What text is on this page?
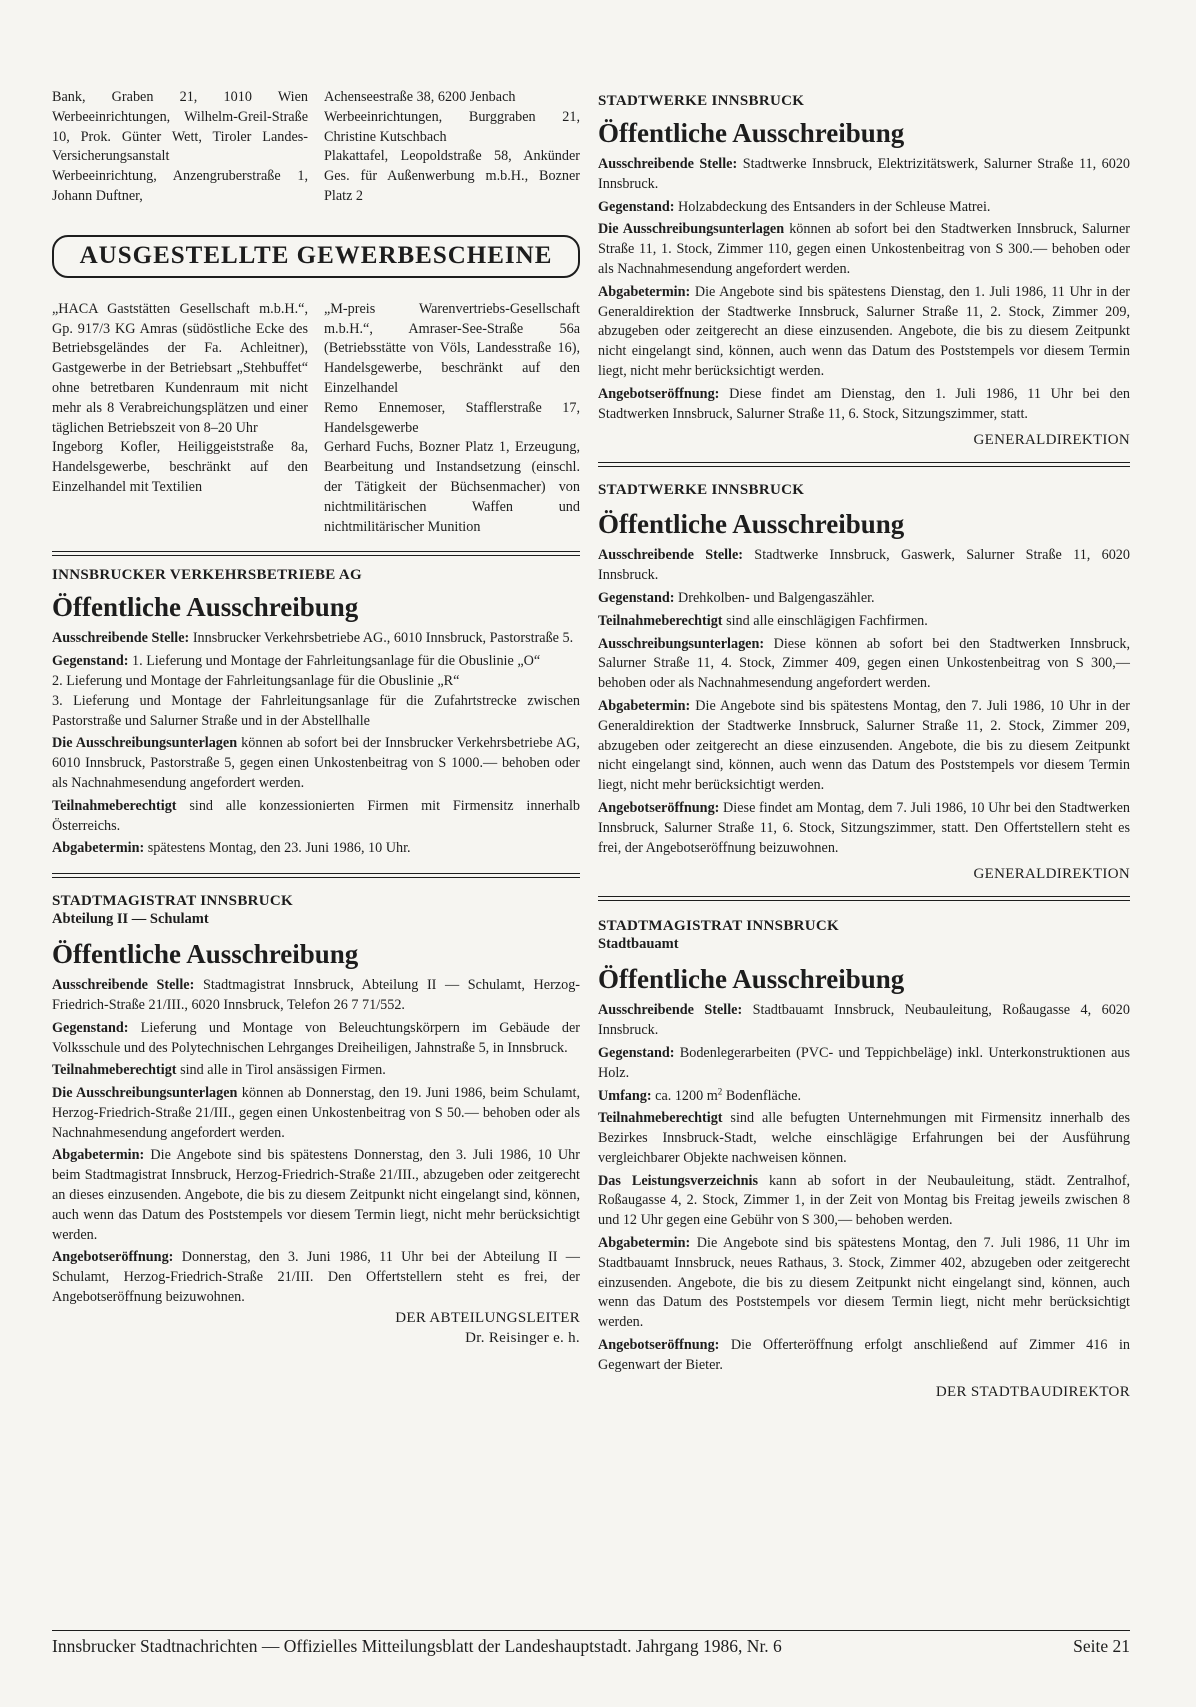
Bank, Graben 21, 1010 Wien Werbeeinrichtungen, Wilhelm-Greil-Straße 10, Prok. Günter Wett, Tiroler Landes-Versicherungsanstalt

Werbeeinrichtung, Anzengruberstraße 1, Johann Duftner,

Achenseestraße 38, 6200 Jenbach

Werbeeinrichtungen, Burggraben 21, Christine Kutschbach

Plakattafel, Leopoldstraße 58, Ankünder Ges. für Außenwerbung m.b.H., Bozner Platz 2

AUSGESTELLTE GEWERBESCHEINE

„HACA Gaststätten Gesellschaft m.b.H.“, Gp. 917/3 KG Amras (südöstliche Ecke des Betriebsgeländes der Fa. Achleitner), Gastgewerbe in der Betriebsart „Stehbuffet“ ohne betretbaren Kundenraum mit nicht mehr als 8 Verabreichungsplätzen und einer täglichen Betriebszeit von 8–20 Uhr

Ingeborg Kofler, Heiliggeiststraße 8a, Handelsgewerbe, beschränkt auf den Einzelhandel mit Textilien

„M-preis Warenvertriebs-Gesellschaft m.b.H.“, Amraser-See-Straße 56a (Betriebsstätte von Völs, Landesstraße 16), Handelsgewerbe, beschränkt auf den Einzelhandel

Remo Ennemoser, Stafflerstraße 17, Handelsgewerbe

Gerhard Fuchs, Bozner Platz 1, Erzeugung, Bearbeitung und Instandsetzung (einschl. der Tätigkeit der Büchsenmacher) von nichtmilitärischen Waffen und nichtmilitärischer Munition

INNSBRUCKER VERKEHRSBETRIEBE AG
Öffentliche Ausschreibung

Ausschreibende Stelle: Innsbrucker Verkehrsbetriebe AG., 6010 Innsbruck, Pastorstraße 5.

Gegenstand: 1. Lieferung und Montage der Fahrleitungsanlage für die Obuslinie „O“

2. Lieferung und Montage der Fahrleitungsanlage für die Obuslinie „R“

3. Lieferung und Montage der Fahrleitungsanlage für die Zufahrtstrecke zwischen Pastorstraße und Salurner Straße und in der Abstellhalle

Die Ausschreibungsunterlagen können ab sofort bei der Innsbrucker Verkehrsbetriebe AG, 6010 Innsbruck, Pastorstraße 5, gegen einen Unkostenbeitrag von S 1000.— behoben oder als Nachnahmesendung angefordert werden.

Teilnahmeberechtigt sind alle konzessionierten Firmen mit Firmensitz innerhalb Österreichs.

Abgabetermin: spätestens Montag, den 23. Juni 1986, 10 Uhr.

STADTMAGISTRAT INNSBRUCK
Abteilung II — Schulamt
Öffentliche Ausschreibung

Ausschreibende Stelle: Stadtmagistrat Innsbruck, Abteilung II — Schulamt, Herzog-Friedrich-Straße 21/III., 6020 Innsbruck, Telefon 26 7 71/552.

Gegenstand: Lieferung und Montage von Beleuchtungskörpern im Gebäude der Volksschule und des Polytechnischen Lehrganges Dreiheiligen, Jahnstraße 5, in Innsbruck.

Teilnahmeberechtigt sind alle in Tirol ansässigen Firmen.

Die Ausschreibungsunterlagen können ab Donnerstag, den 19. Juni 1986, beim Schulamt, Herzog-Friedrich-Straße 21/III., gegen einen Unkostenbeitrag von S 50.— behoben oder als Nachnahmesendung angefordert werden.

Abgabetermin: Die Angebote sind bis spätestens Donnerstag, den 3. Juli 1986, 10 Uhr beim Stadtmagistrat Innsbruck, Herzog-Friedrich-Straße 21/III., abzugeben oder zeitgerecht an dieses einzusenden. Angebote, die bis zu diesem Zeitpunkt nicht eingelangt sind, können, auch wenn das Datum des Poststempels vor diesem Termin liegt, nicht mehr berücksichtigt werden.

Angebotseröffnung: Donnerstag, den 3. Juni 1986, 11 Uhr bei der Abteilung II — Schulamt, Herzog-Friedrich-Straße 21/III. Den Offertstellern steht es frei, der Angebotseröffnung beizuwohnen.

DER ABTEILUNGSLEITER
Dr. Reisinger e. h.
STADTWERKE INNSBRUCK
Öffentliche Ausschreibung

Ausschreibende Stelle: Stadtwerke Innsbruck, Elektrizitätswerk, Salurner Straße 11, 6020 Innsbruck.

Gegenstand: Holzabdeckung des Entsanders in der Schleuse Matrei.

Die Ausschreibungsunterlagen können ab sofort bei den Stadtwerken Innsbruck, Salurner Straße 11, 1. Stock, Zimmer 110, gegen einen Unkostenbeitrag von S 300.— behoben oder als Nachnahmesendung angefordert werden.

Abgabetermin: Die Angebote sind bis spätestens Dienstag, den 1. Juli 1986, 11 Uhr in der Generaldirektion der Stadtwerke Innsbruck, Salurner Straße 11, 2. Stock, Zimmer 209, abzugeben oder zeitgerecht an diese einzusenden. Angebote, die bis zu diesem Zeitpunkt nicht eingelangt sind, können, auch wenn das Datum des Poststempels vor diesem Termin liegt, nicht mehr berücksichtigt werden.

Angebotseröffnung: Diese findet am Dienstag, den 1. Juli 1986, 11 Uhr bei den Stadtwerken Innsbruck, Salurner Straße 11, 6. Stock, Sitzungszimmer, statt.

GENERALDIREKTION
STADTWERKE INNSBRUCK
Öffentliche Ausschreibung

Ausschreibende Stelle: Stadtwerke Innsbruck, Gaswerk, Salurner Straße 11, 6020 Innsbruck.

Gegenstand: Drehkolben- und Balgengaszähler.

Teilnahmeberechtigt sind alle einschlägigen Fachfirmen.

Ausschreibungsunterlagen: Diese können ab sofort bei den Stadtwerken Innsbruck, Salurner Straße 11, 4. Stock, Zimmer 409, gegen einen Unkostenbeitrag von S 300,— behoben oder als Nachnahmesendung angefordert werden.

Abgabetermin: Die Angebote sind bis spätestens Montag, den 7. Juli 1986, 10 Uhr in der Generaldirektion der Stadtwerke Innsbruck, Salurner Straße 11, 2. Stock, Zimmer 209, abzugeben oder zeitgerecht an diese einzusenden. Angebote, die bis zu diesem Zeitpunkt nicht eingelangt sind, können, auch wenn das Datum des Poststempels vor diesem Termin liegt, nicht mehr berücksichtigt werden.

Angebotseröffnung: Diese findet am Montag, dem 7. Juli 1986, 10 Uhr bei den Stadtwerken Innsbruck, Salurner Straße 11, 6. Stock, Sitzungszimmer, statt. Den Offertstellern steht es frei, der Angebotseröffnung beizuwohnen.

GENERALDIREKTION
STADTMAGISTRAT INNSBRUCK
Stadtbauamt
Öffentliche Ausschreibung

Ausschreibende Stelle: Stadtbauamt Innsbruck, Neubauleitung, Roßaugasse 4, 6020 Innsbruck.

Gegenstand: Bodenlegerarbeiten (PVC- und Teppichbeläge) inkl. Unterkonstruktionen aus Holz.

Umfang: ca. 1200 $m^2$ Bodenfläche.

Teilnahmeberechtigt sind alle befugten Unternehmungen mit Firmensitz innerhalb des Bezirkes Innsbruck-Stadt, welche einschlägige Erfahrungen bei der Ausführung vergleichbarer Objekte nachweisen können.

Das Leistungsverzeichnis kann ab sofort in der Neubauleitung, städt. Zentralhof, Roßaugasse 4, 2. Stock, Zimmer 1, in der Zeit von Montag bis Freitag jeweils zwischen 8 und 12 Uhr gegen eine Gebühr von S 300,— behoben werden.

Abgabetermin: Die Angebote sind bis spätestens Montag, den 7. Juli 1986, 11 Uhr im Stadtbauamt Innsbruck, neues Rathaus, 3. Stock, Zimmer 402, abzugeben oder zeitgerecht einzusenden. Angebote, die bis zu diesem Zeitpunkt nicht eingelangt sind, können, auch wenn das Datum des Poststempels vor diesem Termin liegt, nicht mehr berücksichtigt werden.

Angebotseröffnung: Die Offerteröffnung erfolgt anschließend auf Zimmer 416 in Gegenwart der Bieter.

DER STADTBAUDIREKTOR
Innsbrucker Stadtnachrichten — Offizielles Mitteilungsblatt der Landeshauptstadt. Jahrgang 1986, Nr. 6	Seite 21
